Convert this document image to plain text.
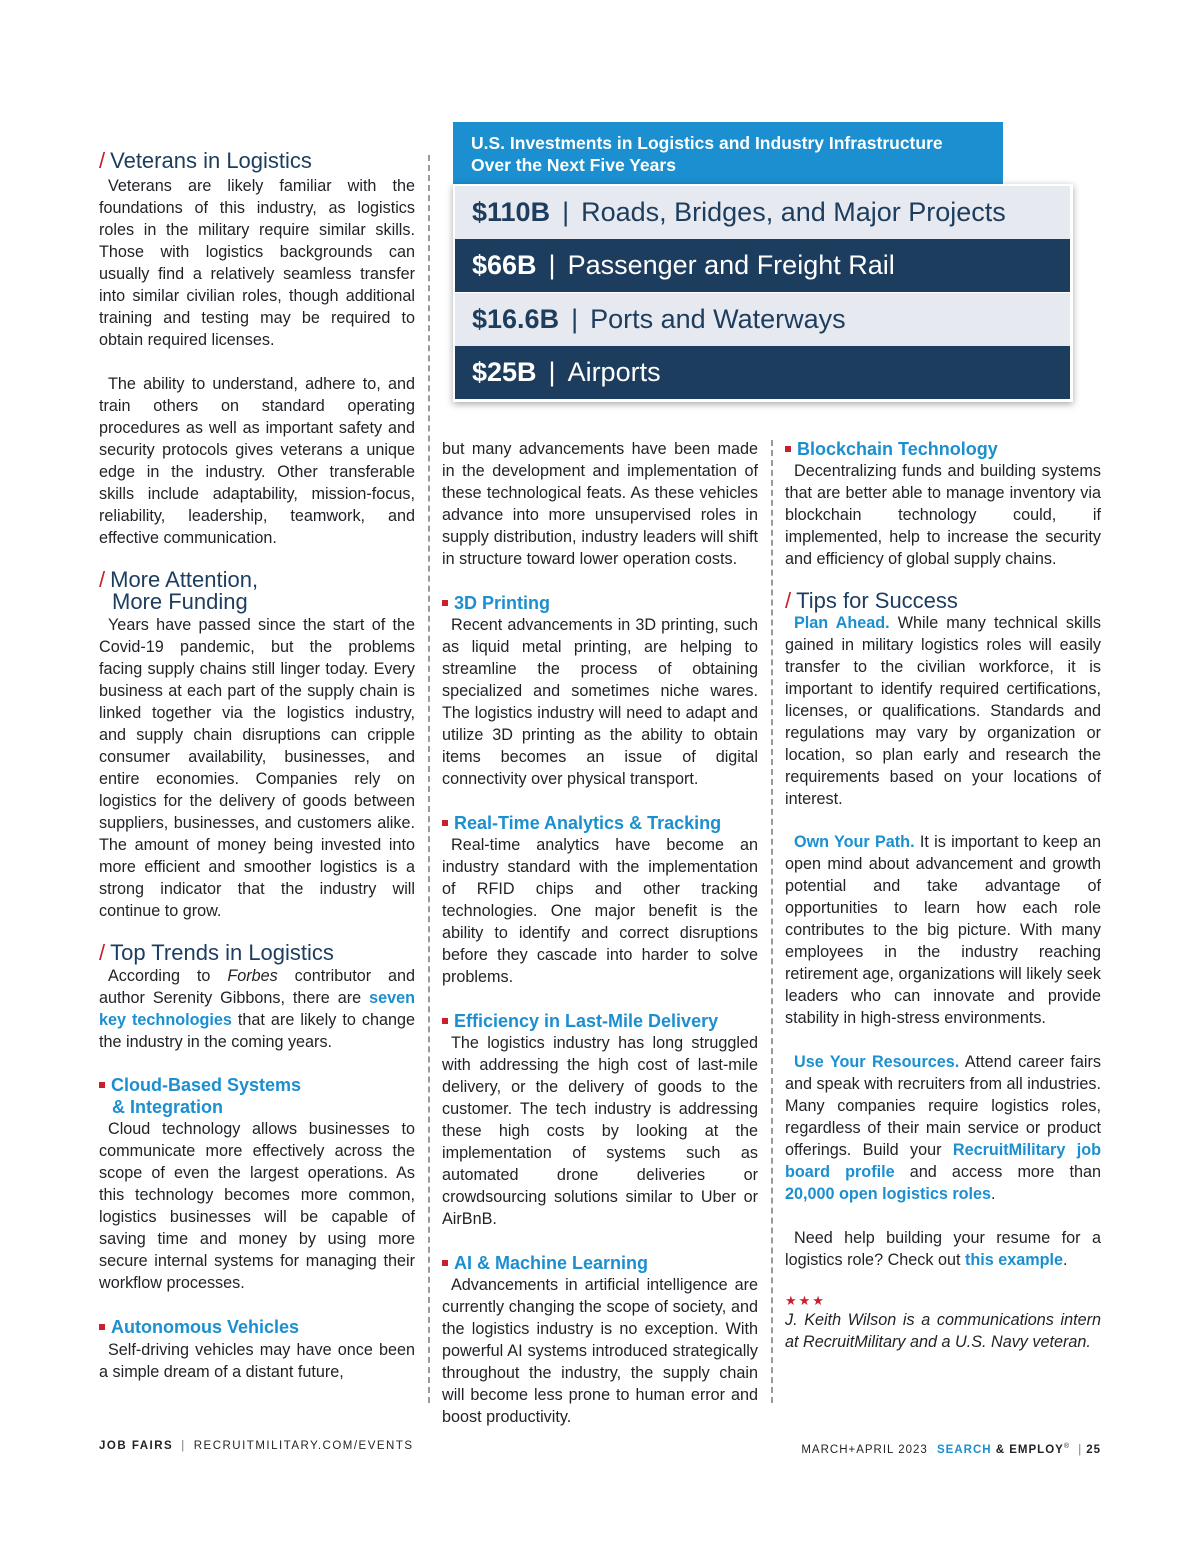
/ Veterans in Logistics

Veterans are likely familiar with the foundations of this industry, as logistics roles in the military require similar skills. Those with logistics backgrounds can usually find a relatively seamless transfer into similar civilian roles, though additional training and testing may be required to obtain required licenses.

The ability to understand, adhere to, and train others on standard operating procedures as well as important safety and security protocols gives veterans a unique edge in the industry. Other transferable skills include adaptability, mission-focus, reliability, leadership, teamwork, and effective communication.

/ More Attention,
More Funding

Years have passed since the start of the Covid-19 pandemic, but the problems facing supply chains still linger today. Every business at each part of the supply chain is linked together via the logistics industry, and supply chain disruptions can cripple consumer availability, businesses, and entire economies. Companies rely on logistics for the delivery of goods between suppliers, businesses, and customers alike. The amount of money being invested into more efficient and smoother logistics is a strong indicator that the industry will continue to grow.

/ Top Trends in Logistics

According to Forbes contributor and author Serenity Gibbons, there are seven key technologies that are likely to change the industry in the coming years.

Cloud-Based Systems
& Integration

Cloud technology allows businesses to communicate more effectively across the scope of even the largest operations. As this technology becomes more common, logistics businesses will be capable of saving time and money by using more secure internal systems for managing their workflow processes.

Autonomous Vehicles

Self-driving vehicles may have once been a simple dream of a distant future,

U.S. Investments in Logistics and Industry Infrastructure
Over the Next Five Years
$110B | Roads, Bridges, and Major Projects
$66B | Passenger and Freight Rail
$16.6B | Ports and Waterways
$25B | Airports

but many advancements have been made in the development and implementation of these technological feats. As these vehicles advance into more unsupervised roles in supply distribution, industry leaders will shift in structure toward lower operation costs.

3D Printing

Recent advancements in 3D printing, such as liquid metal printing, are helping to streamline the process of obtaining specialized and sometimes niche wares. The logistics industry will need to adapt and utilize 3D printing as the ability to obtain items becomes an issue of digital connectivity over physical transport.

Real-Time Analytics & Tracking

Real-time analytics have become an industry standard with the implementation of RFID chips and other tracking technologies. One major benefit is the ability to identify and correct disruptions before they cascade into harder to solve problems.

Efficiency in Last-Mile Delivery

The logistics industry has long struggled with addressing the high cost of last-mile delivery, or the delivery of goods to the customer. The tech industry is addressing these high costs by looking at the implementation of systems such as automated drone deliveries or crowdsourcing solutions similar to Uber or AirBnB.

AI & Machine Learning

Advancements in artificial intelligence are currently changing the scope of society, and the logistics industry is no exception. With powerful AI systems introduced strategically throughout the industry, the supply chain will become less prone to human error and boost productivity.

Blockchain Technology

Decentralizing funds and building systems that are better able to manage inventory via blockchain technology could, if implemented, help to increase the security and efficiency of global supply chains.

/ Tips for Success

Plan Ahead. While many technical skills gained in military logistics roles will easily transfer to the civilian workforce, it is important to identify required certifications, licenses, or qualifications. Standards and regulations may vary by organization or location, so plan early and research the requirements based on your locations of interest.

Own Your Path. It is important to keep an open mind about advancement and growth potential and take advantage of opportunities to learn how each role contributes to the big picture. With many employees in the industry reaching retirement age, organizations will likely seek leaders who can innovate and provide stability in high-stress environments.

Use Your Resources. Attend career fairs and speak with recruiters from all industries. Many companies require logistics roles, regardless of their main service or product offerings. Build your RecruitMilitary job board profile and access more than 20,000 open logistics roles.

Need help building your resume for a logistics role? Check out this example.

★★★

J. Keith Wilson is a communications intern at RecruitMilitary and a U.S. Navy veteran.

JOB FAIRS | RECRUITMILITARY.COM/EVENTS	MARCH+APRIL 2023 SEARCH & EMPLOY® | 25
